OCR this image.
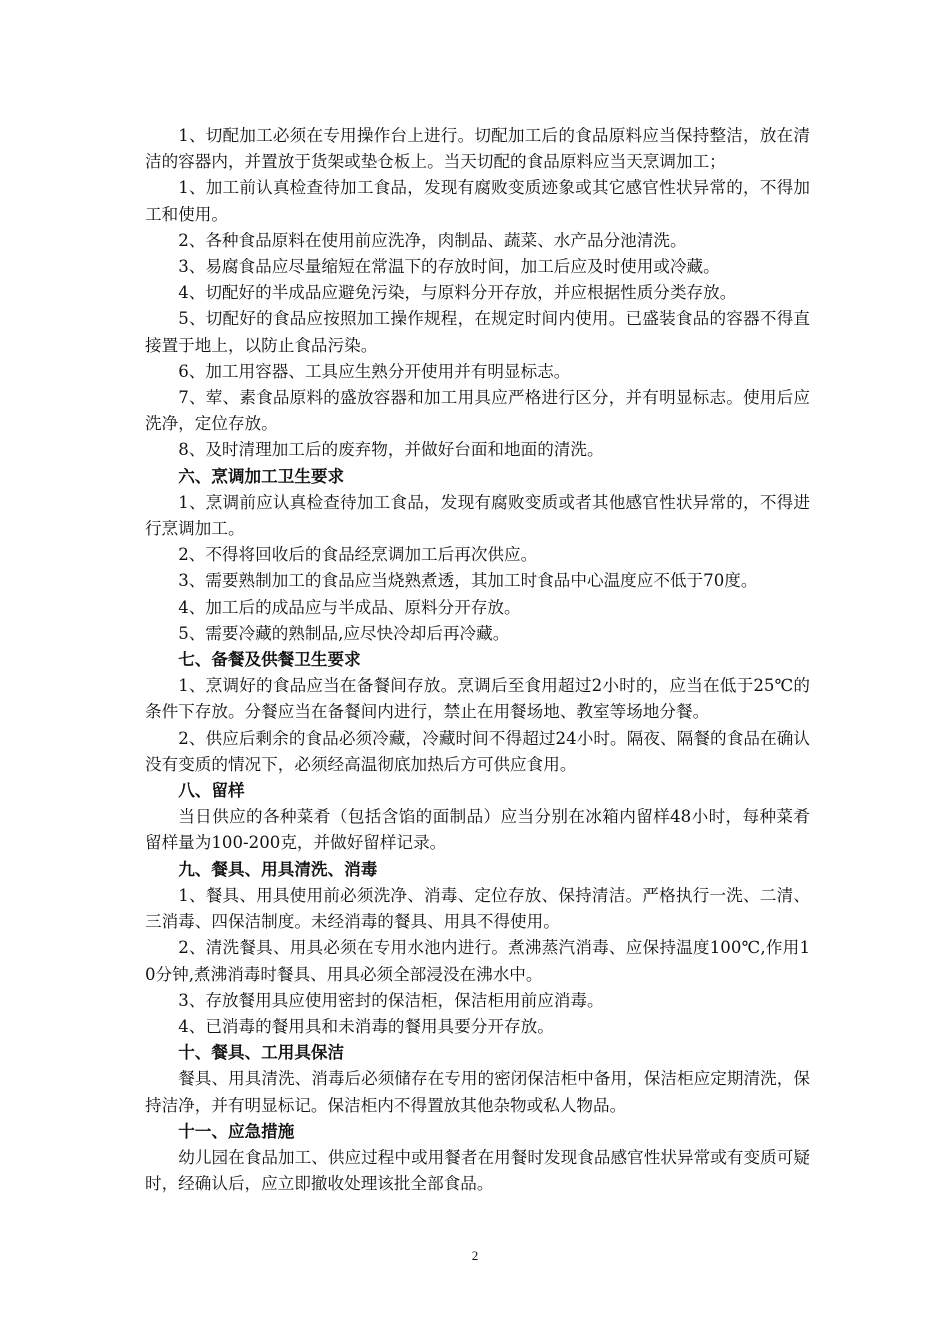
1、切配加工必须在专用操作台上进行。切配加工后的食品原料应当保持整洁，放在清洁的容器内，并置放于货架或垫仓板上。当天切配的食品原料应当天烹调加工；

1、加工前认真检查待加工食品，发现有腐败变质迹象或其它感官性状异常的，不得加工和使用。

2、各种食品原料在使用前应洗净，肉制品、蔬菜、水产品分池清洗。

3、易腐食品应尽量缩短在常温下的存放时间，加工后应及时使用或冷藏。

4、切配好的半成品应避免污染，与原料分开存放，并应根据性质分类存放。

5、切配好的食品应按照加工操作规程，在规定时间内使用。已盛装食品的容器不得直接置于地上，以防止食品污染。

6、加工用容器、工具应生熟分开使用并有明显标志。

7、荤、素食品原料的盛放容器和加工用具应严格进行区分，并有明显标志。使用后应洗净，定位存放。

8、及时清理加工后的废弃物，并做好台面和地面的清洗。

六、烹调加工卫生要求

1、烹调前应认真检查待加工食品，发现有腐败变质或者其他感官性状异常的，不得进行烹调加工。

2、不得将回收后的食品经烹调加工后再次供应。

3、需要熟制加工的食品应当烧熟煮透，其加工时食品中心温度应不低于70度。

4、加工后的成品应与半成品、原料分开存放。

5、需要冷藏的熟制品,应尽快冷却后再冷藏。

七、备餐及供餐卫生要求

1、烹调好的食品应当在备餐间存放。烹调后至食用超过2小时的，应当在低于25℃的条件下存放。分餐应当在备餐间内进行，禁止在用餐场地、教室等场地分餐。

2、供应后剩余的食品必须冷藏，冷藏时间不得超过24小时。隔夜、隔餐的食品在确认没有变质的情况下，必须经高温彻底加热后方可供应食用。

八、留样

当日供应的各种菜肴（包括含馅的面制品）应当分别在冰箱内留样48小时，每种菜肴留样量为100-200克，并做好留样记录。

九、餐具、用具清洗、消毒

1、餐具、用具使用前必须洗净、消毒、定位存放、保持清洁。严格执行一洗、二清、三消毒、四保洁制度。未经消毒的餐具、用具不得使用。

2、清洗餐具、用具必须在专用水池内进行。煮沸蒸汽消毒、应保持温度100℃,作用10分钟,煮沸消毒时餐具、用具必须全部浸没在沸水中。

3、存放餐用具应使用密封的保洁柜，保洁柜用前应消毒。

4、已消毒的餐用具和未消毒的餐用具要分开存放。

十、餐具、工用具保洁

餐具、用具清洗、消毒后必须储存在专用的密闭保洁柜中备用，保洁柜应定期清洗，保持洁净，并有明显标记。保洁柜内不得置放其他杂物或私人物品。

十一、应急措施

幼儿园在食品加工、供应过程中或用餐者在用餐时发现食品感官性状异常或有变质可疑时，经确认后，应立即撤收处理该批全部食品。

2
